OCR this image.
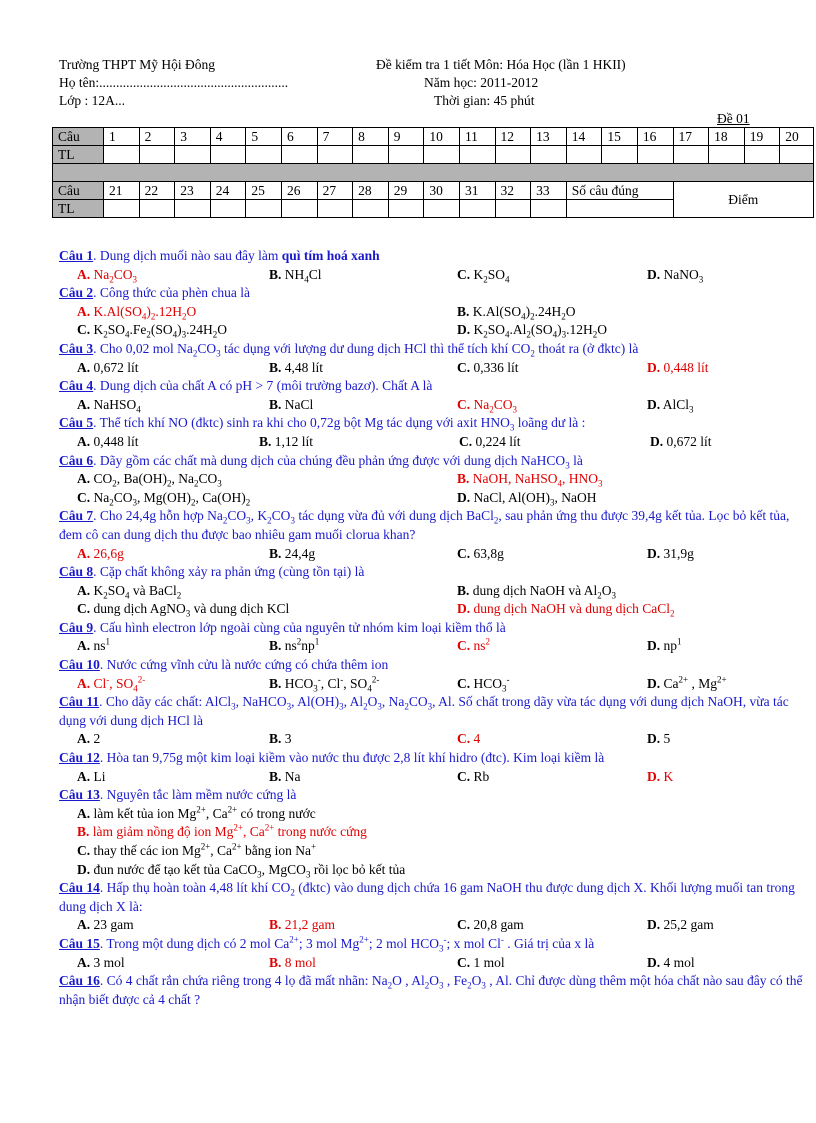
Trường THPT Mỹ Hội Đông
Họ tên:........................................................
Lớp : 12A...
Đề kiểm tra 1 tiết Môn: Hóa Học (lần 1 HKII)
Năm học: 2011-2012
Thời gian: 45 phút
Đề 01
Câu	1	2	3	4	5	6	7	8	9	10	11	12	13	14	15	16	17	18	19	20
TL																				

Câu	21	22	23	24	25	26	27	28	29	30	31	32	33	Số câu đúng			Điểm			
TL																				
Câu 1. Dung dịch muối nào sau đây làm quì tím hoá xanh
A. $Na_2CO_3$	B. $NH_4Cl$	C. $K_2SO_4$	D. NaNO$_3$
Câu 2. Công thức của phèn chua là
A. $K.Al(SO_4)_2.12H_2O$	B. $K.Al(SO_4)_2.24H_2O$
C. $K_2SO_4.Fe_2(SO_4)_3.24H_2O$	D. $K_2SO_4.Al_2(SO_4)_3.12H_2O$
Câu 3. Cho 0,02 mol $Na_2CO_3$ tác dụng với lượng dư dung dịch HCl thì thể tích khí $CO_2$ thoát ra (ở đktc) là
A. 0,672 lít	B. 4,48 lít	C. 0,336 lít	D. 0,448 lít
Câu 4. Dung dịch của chất A có pH > 7 (môi trường bazơ). Chất A là
A. NaHSO$_4$	B. NaCl	C. $Na_2CO_3$	D. AlCl$_3$
Câu 5. Thể tích khí NO (đktc) sinh ra khi cho 0,72g bột Mg tác dụng với axit $HNO_3$ loãng dư là :
A. 0,448 lít	B. 1,12 lít	C. 0,224 lít	D. 0,672 lít
Câu 6. Dãy gồm các chất mà dung dịch của chúng đều phản ứng được với dung dịch NaHCO$_3$ là
A. $CO_2$, $Ba(OH)_2$, $Na_2CO_3$	B. NaOH, NaHSO$_4$, $HNO_3$
C. $Na_2CO_3$, $Mg(OH)_2$, $Ca(OH)_2$	D. NaCl, $Al(OH)_3$, NaOH
Câu 7. Cho 24,4g hỗn hợp $Na_2CO_3$, $K_2CO_3$ tác dụng vừa đủ với dung dịch BaCl$_2$, sau phản ứng thu được 39,4g kết tủa. Lọc bỏ kết tủa, đem cô can dung dịch thu được bao nhiêu gam muối clorua khan?
A. 26,6g	B. 24,4g	C. 63,8g	D. 31,9g
Câu 8. Cặp chất không xảy ra phản ứng (cùng tồn tại) là
A. $K_2SO_4$ và BaCl$_2$	B. dung dịch NaOH và $Al_2O_3$
C. dung dịch AgNO$_3$ và dung dịch KCl	D. dung dịch NaOH và dung dịch CaCl$_2$
Câu 9. Cấu hình electron lớp ngoài cùng của nguyên tử nhóm kim loại kiềm thổ là
A. $ns^1$	B. $ns^2np^1$	C. $ns^2$	D. $np^1$
Câu 10. Nước cứng vĩnh cửu là nước cứng có chứa thêm ion
A. Cl-, $SO_4^{2-}$	B. $HCO_3^-$, Cl-, $SO_4^{2-}$	C. $HCO_3^-$	D. $Ca^{2+}$ , $Mg^{2+}$
Câu 11. Cho dãy các chất: AlCl$_3$, NaHCO$_3$, $Al(OH)_3$, $Al_2O_3$, $Na_2CO_3$, Al. Số chất trong dãy vừa tác dụng với dung dịch NaOH, vừa tác dụng với dung dịch HCl là
A. 2	B. 3	C. 4	D. 5
Câu 12. Hòa tan 9,75g một kim loại kiềm vào nước thu được 2,8 lít khí hidro (đtc). Kim loại kiềm là
A. Li	B. Na	C. Rb	D. K
Câu 13. Nguyên tắc làm mềm nước cứng là
A. làm kết tủa ion $Mg^{2+}$, $Ca^{2+}$ có trong nước
B. làm giảm nồng độ ion $Mg^{2+}$, $Ca^{2+}$ trong nước cứng
C. thay thế các ion $Mg^{2+}$, $Ca^{2+}$ bằng ion Na+
D. đun nước để tạo kết tủa CaCO$_3$, MgCO$_3$ rồi lọc bỏ kết tủa
Câu 14. Hấp thụ hoàn toàn 4,48 lít khí $CO_2$ (đktc) vào dung dịch chứa 16 gam NaOH thu được dung dịch X. Khối lượng muối tan trong dung dịch X là:
A. 23 gam	B. 21,2 gam	C. 20,8 gam	D. 25,2 gam
Câu 15. Trong một dung dịch có 2 mol $Ca^{2+}$; 3 mol $Mg^{2+}$; 2 mol $HCO_3^-$; x mol Cl- . Giá trị của x là
A. 3 mol	B. 8 mol	C. 1 mol	D. 4 mol
Câu 16. Có 4 chất rắn chứa riêng trong 4 lọ đã mất nhãn: $Na_2O$ , $Al_2O_3$ , $Fe_2O_3$ , Al. Chỉ được dùng thêm một hóa chất nào sau đây có thể nhận biết được cả 4 chất ?
